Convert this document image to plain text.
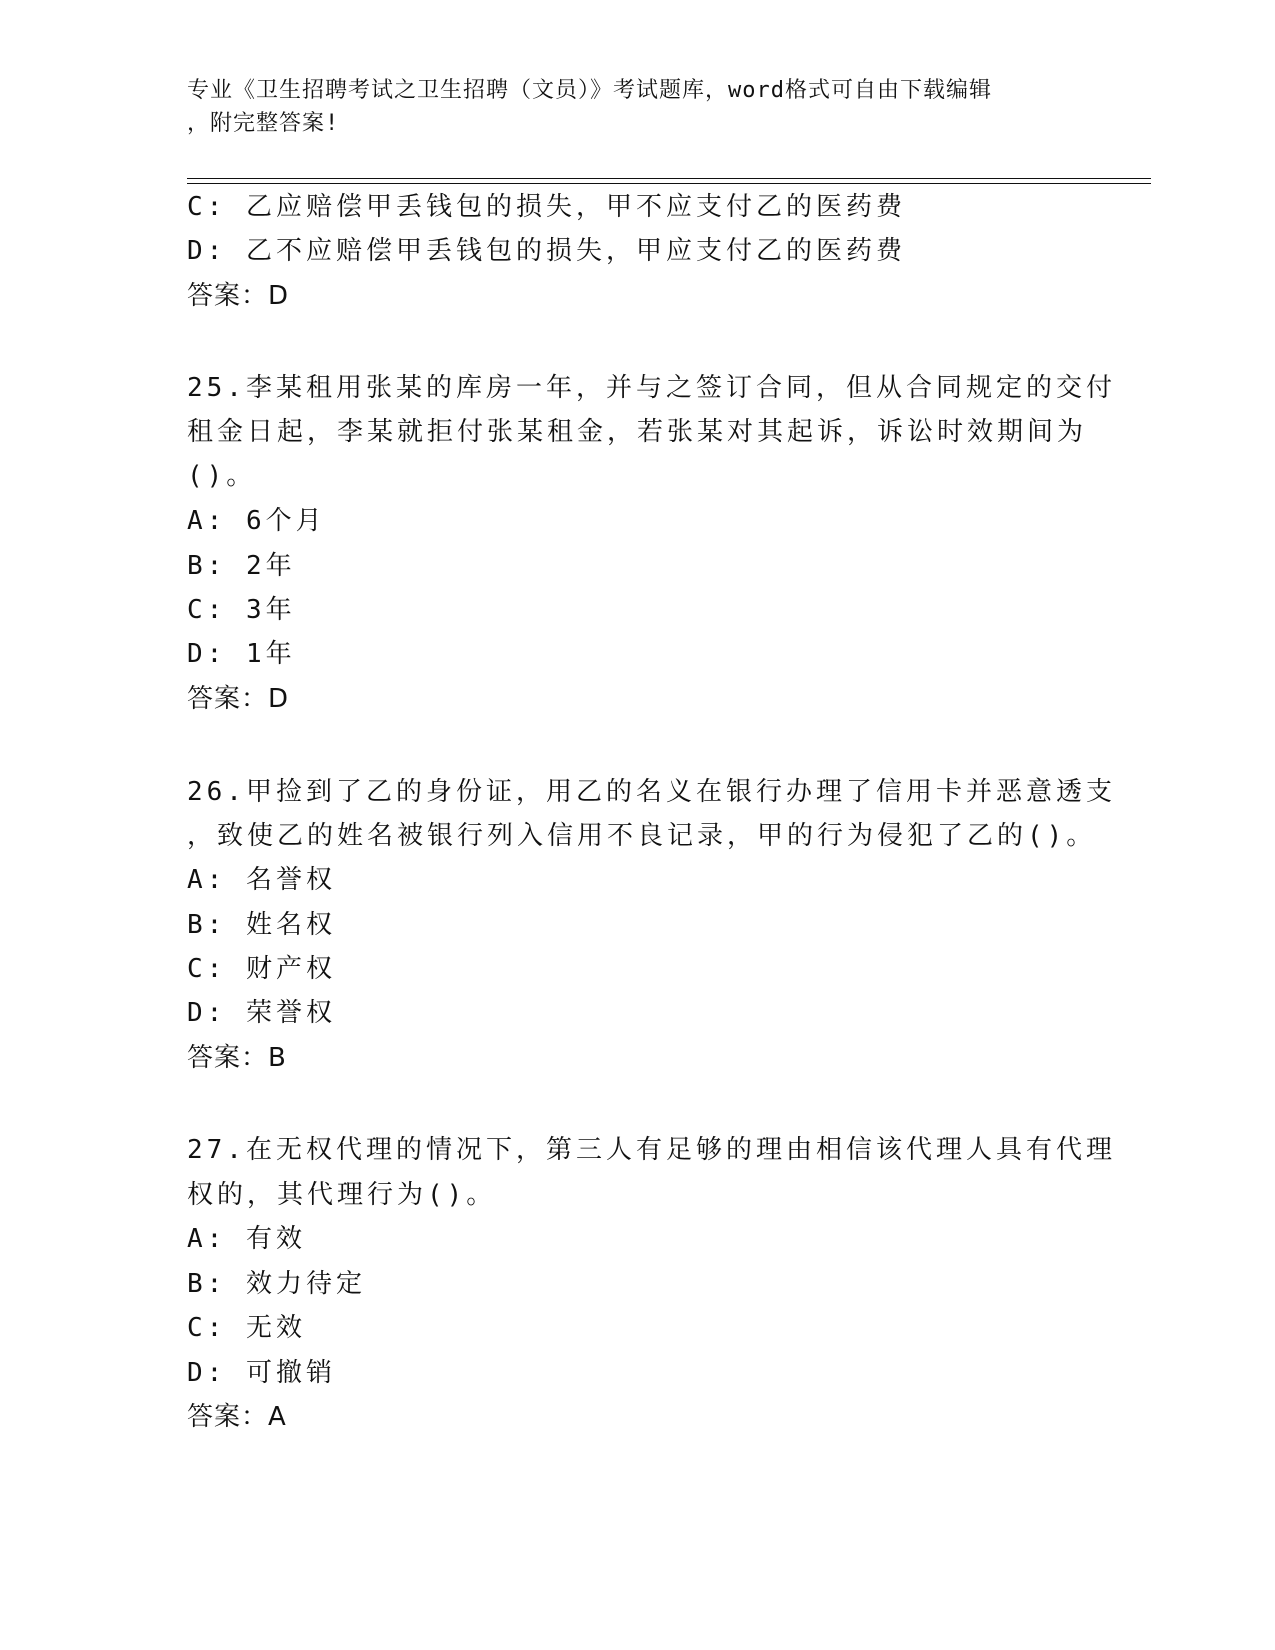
专业《卫生招聘考试之卫生招聘（文员）》考试题库，word格式可自由下载编辑
，附完整答案!
C: 乙应赔偿甲丢钱包的损失，甲不应支付乙的医药费
D: 乙不应赔偿甲丢钱包的损失，甲应支付乙的医药费
答案：D
25.李某租用张某的库房一年，并与之签订合同，但从合同规定的交付
租金日起，李某就拒付张某租金，若张某对其起诉，诉讼时效期间为
()。
A: 6个月
B: 2年
C: 3年
D: 1年
答案：D
26.甲捡到了乙的身份证，用乙的名义在银行办理了信用卡并恶意透支
，致使乙的姓名被银行列入信用不良记录，甲的行为侵犯了乙的()。
A: 名誉权
B: 姓名权
C: 财产权
D: 荣誉权
答案：B
27.在无权代理的情况下，第三人有足够的理由相信该代理人具有代理
权的，其代理行为()。
A: 有效
B: 效力待定
C: 无效
D: 可撤销
答案：A
